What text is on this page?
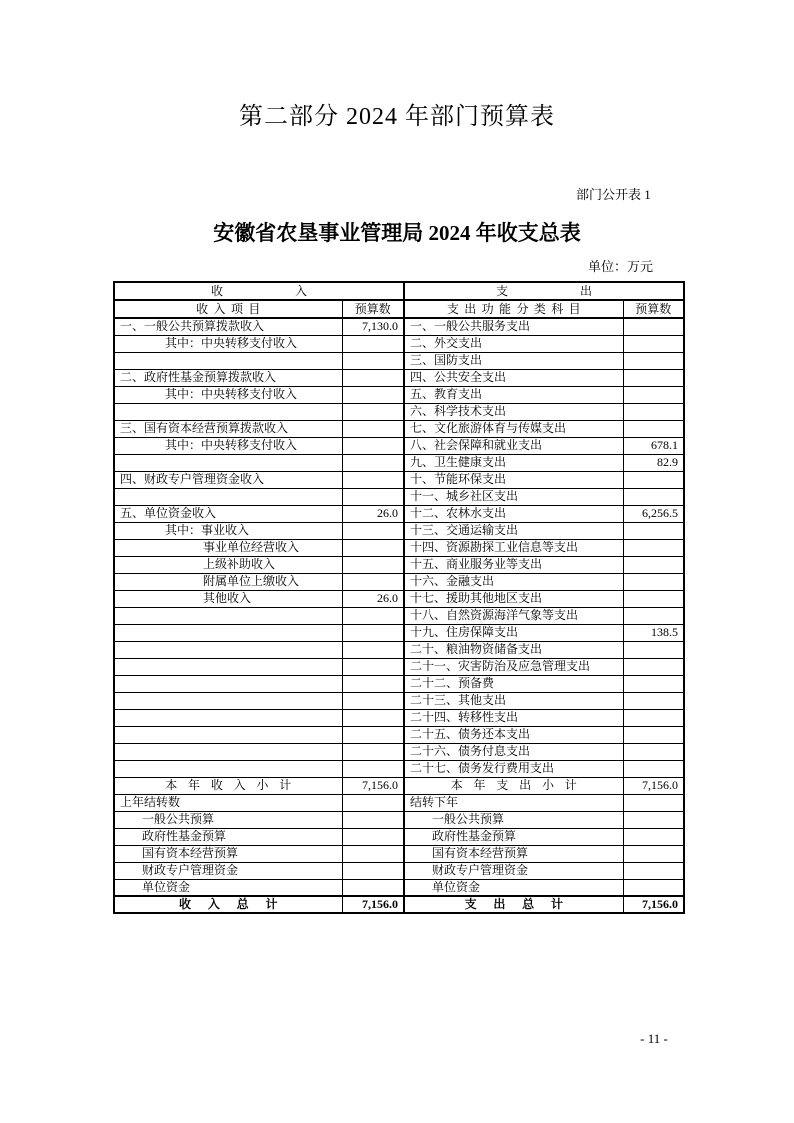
第二部分 2024 年部门预算表
部门公开表 1
安徽省农垦事业管理局 2024 年收支总表
单位：万元
收入		支出	
收入项目	预算数	支出功能分类科目	预算数
一、一般公共预算拨款收入	7,130.0	一、一般公共服务支出	
其中：中央转移支付收入		二、外交支出	
		三、国防支出	
二、政府性基金预算拨款收入		四、公共安全支出	
其中：中央转移支付收入		五、教育支出	
		六、科学技术支出	
三、国有资本经营预算拨款收入		七、文化旅游体育与传媒支出	
其中：中央转移支付收入		八、社会保障和就业支出	678.1
		九、卫生健康支出	82.9
四、财政专户管理资金收入		十、节能环保支出	
		十一、城乡社区支出	
五、单位资金收入	26.0	十二、农林水支出	6,256.5
其中：事业收入		十三、交通运输支出	
事业单位经营收入		十四、资源勘探工业信息等支出	
上级补助收入		十五、商业服务业等支出	
附属单位上缴收入		十六、金融支出	
其他收入	26.0	十七、援助其他地区支出	
		十八、自然资源海洋气象等支出	
		十九、住房保障支出	138.5
		二十、粮油物资储备支出	
		二十一、灾害防治及应急管理支出	
		二十二、预备费	
		二十三、其他支出	
		二十四、转移性支出	
		二十五、债务还本支出	
		二十六、债务付息支出	
		二十七、债务发行费用支出	
本年收入小计	7,156.0	本年支出小计	7,156.0
上年结转数		结转下年	
一般公共预算		一般公共预算	
政府性基金预算		政府性基金预算	
国有资本经营预算		国有资本经营预算	
财政专户管理资金		财政专户管理资金	
单位资金		单位资金	
收入总计	7,156.0	支出总计	7,156.0
- 11 -
